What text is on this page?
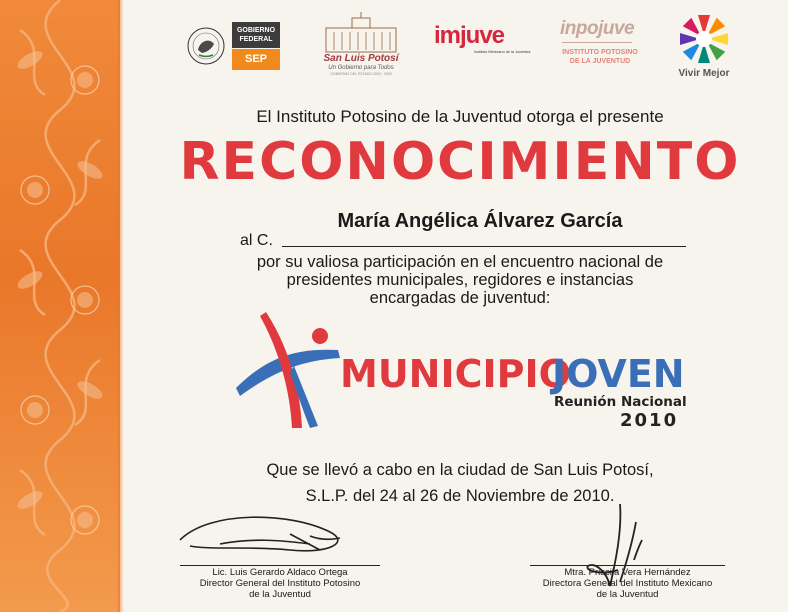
GOBIERNO FEDERAL
SEP	San Luis Potosí
Un Gobierno para Todos
GOBIERNO DEL ESTADO 2003 - 2009
imjuve
Instituto Mexicano de la Juventud
inpojuve
INSTITUTO POTOSINO
DE LA JUVENTUD
Vivir Mejor
El Instituto Potosino de la Juventud otorga el presente
RECONOCIMIENTO
María Angélica Álvarez García
al C.
por su valiosa participación en el encuentro nacional de
presidentes municipales, regidores e instancias
encargadas de juventud:
MUNICIPIO
JOVEN
Reunión Nacional
2010
Que se llevó a cabo en la ciudad de San Luis Potosí,
S.L.P. del 24 al 26 de Noviembre de 2010.
Lic. Luis Gerardo Aldaco Ortega
Director General del Instituto Potosino
de la Juventud
Mtra. Priscila Vera Hernández
Directora General del Instituto Mexicano
de la Juventud
